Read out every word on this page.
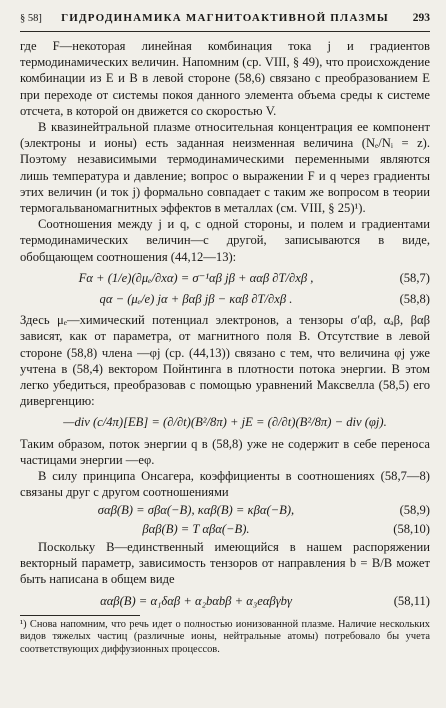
§ 58]	ГИДРОДИНАМИКА МАГНИТОАКТИВНОЙ ПЛАЗМЫ	293

где F—некоторая линейная комбинация тока j и градиентов термодинамических величин. Напомним (ср. VIII, § 49), что происхождение комбинации из E и B в левой стороне (58,6) связано с преобразованием E при переходе от системы покоя данного элемента объема среды к системе отсчета, в которой он движется со скоростью V.

В квазинейтральной плазме относительная концентрация ее компонент (электроны и ионы) есть заданная неизменная величина (Nₑ/Nᵢ = z). Поэтому независимыми термодинамическими переменными являются лишь температура и давление; вопрос о выражении F и q через градиенты этих величин (и ток j) формально совпадает с таким же вопросом в теории термогальваномагнитных эффектов в металлах (см. VIII, § 25)¹).

Соотношения между j и q, с одной стороны, и полем и градиентами термодинамических величин—с другой, записываются в виде, обобщающем соотношения (44,12—13):

Fα + (1/e)(∂μₑ/∂xα) = σ⁻¹αβ jβ + ααβ ∂T/∂xβ ,	(58,7)
qα − (μₑ/e) jα + βαβ jβ − καβ ∂T/∂xβ .	(58,8)

Здесь μₑ—химический потенциал электронов, а тензоры σ′αβ, αₐβ, βαβ зависят, как от параметра, от магнитного поля B. Отсутствие в левой стороне (58,8) члена —φj (ср. (44,13)) связано с тем, что величина φj уже учтена в (58,4) вектором Пойнтинга в плотности потока энергии. В этом легко убедиться, преобразовав с помощью уравнений Максвелла (58,5) его дивергенцию:

—div (c/4π)[EB] = (∂/∂t)(B²/8π) + jE = (∂/∂t)(B²/8π) − div (φj).

Таким образом, поток энергии q в (58,8) уже не содержит в себе переноса частицами энергии —eφ.

В силу принципа Онсагера, коэффициенты в соотношениях (58,7—8) связаны друг с другом соотношениями

σαβ(B) = σβα(−B), καβ(B) = κβα(−B),	(58,9)
βαβ(B) = T αβα(−B).	(58,10)

Поскольку B—единственный имеющийся в нашем распоряжении векторный параметр, зависимость тензоров от направления b = B/B может быть написана в общем виде

ααβ(B) = α₁δαβ + α₂bαbβ + α₃eαβγbγ	(58,11)

¹) Снова напомним, что речь идет о полностью ионизованной плазме. Наличие нескольких видов тяжелых частиц (различные ионы, нейтральные атомы) потребовало бы учета соответствующих диффузионных процессов.
